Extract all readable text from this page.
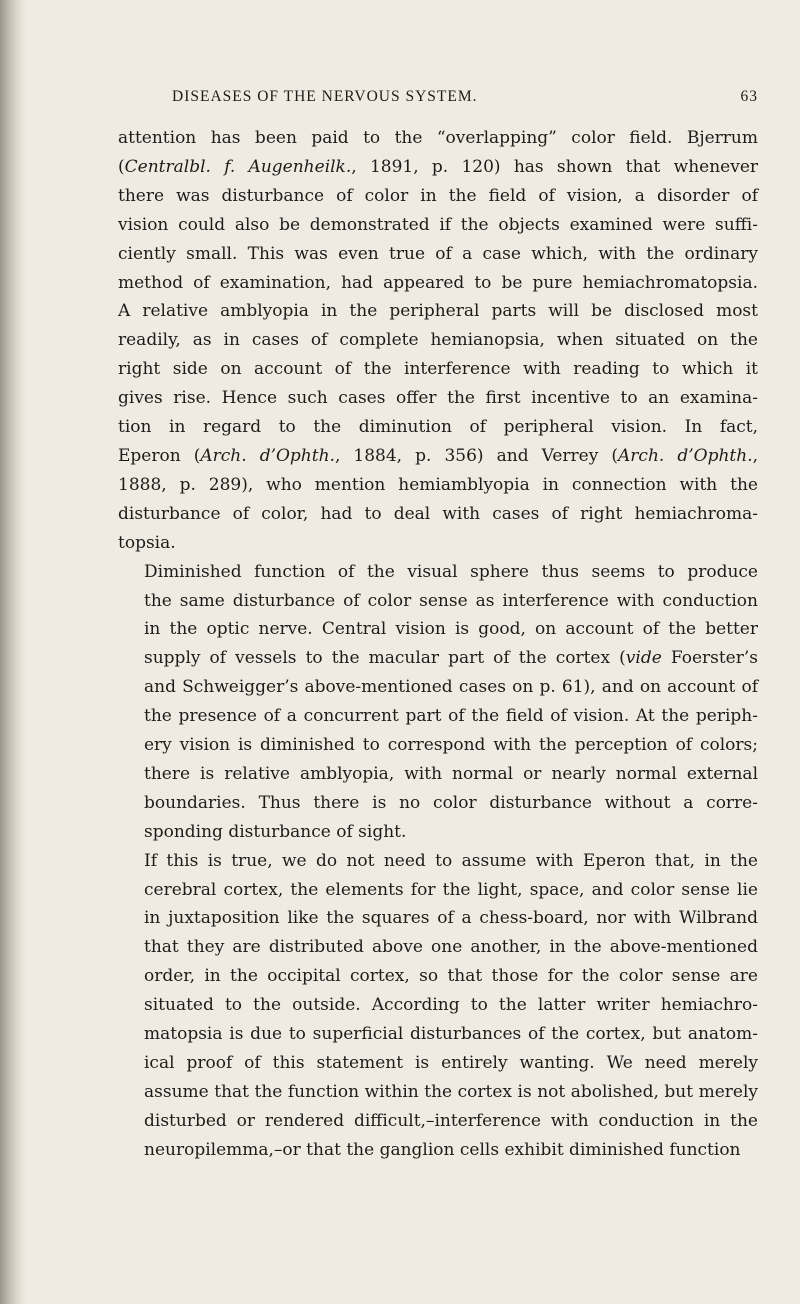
DISEASES OF THE NERVOUS SYSTEM.	63

attention has been paid to the “overlapping” color field. Bjerrum
(Centralbl. f. Augenheilk., 1891, p. 120) has shown that whenever
there was disturbance of color in the field of vision, a disorder of
vision could also be demonstrated if the objects examined were suffi-
ciently small. This was even true of a case which, with the ordinary
method of examination, had appeared to be pure hemiachromatopsia.
A relative amblyopia in the peripheral parts will be disclosed most
readily, as in cases of complete hemianopsia, when situated on the
right side on account of the interference with reading to which it
gives rise. Hence such cases offer the first incentive to an examina-
tion in regard to the diminution of peripheral vision. In fact,
Eperon (Arch. d’Ophth., 1884, p. 356) and Verrey (Arch. d’Ophth.,
1888, p. 289), who mention hemiamblyopia in connection with the
disturbance of color, had to deal with cases of right hemiachroma-
topsia.

Diminished function of the visual sphere thus seems to produce
the same disturbance of color sense as interference with conduction
in the optic nerve. Central vision is good, on account of the better
supply of vessels to the macular part of the cortex (vide Foerster’s
and Schweigger’s above-mentioned cases on p. 61), and on account of
the presence of a concurrent part of the field of vision. At the periph-
ery vision is diminished to correspond with the perception of colors;
there is relative amblyopia, with normal or nearly normal external
boundaries. Thus there is no color disturbance without a corre-
sponding disturbance of sight.

If this is true, we do not need to assume with Eperon that, in the
cerebral cortex, the elements for the light, space, and color sense lie
in juxtaposition like the squares of a chess-board, nor with Wilbrand
that they are distributed above one another, in the above-mentioned
order, in the occipital cortex, so that those for the color sense are
situated to the outside. According to the latter writer hemiachro-
matopsia is due to superficial disturbances of the cortex, but anatom-
ical proof of this statement is entirely wanting. We need merely
assume that the function within the cortex is not abolished, but merely
disturbed or rendered difficult,–interference with conduction in the
neuropilemma,–or that the ganglion cells exhibit diminished function
